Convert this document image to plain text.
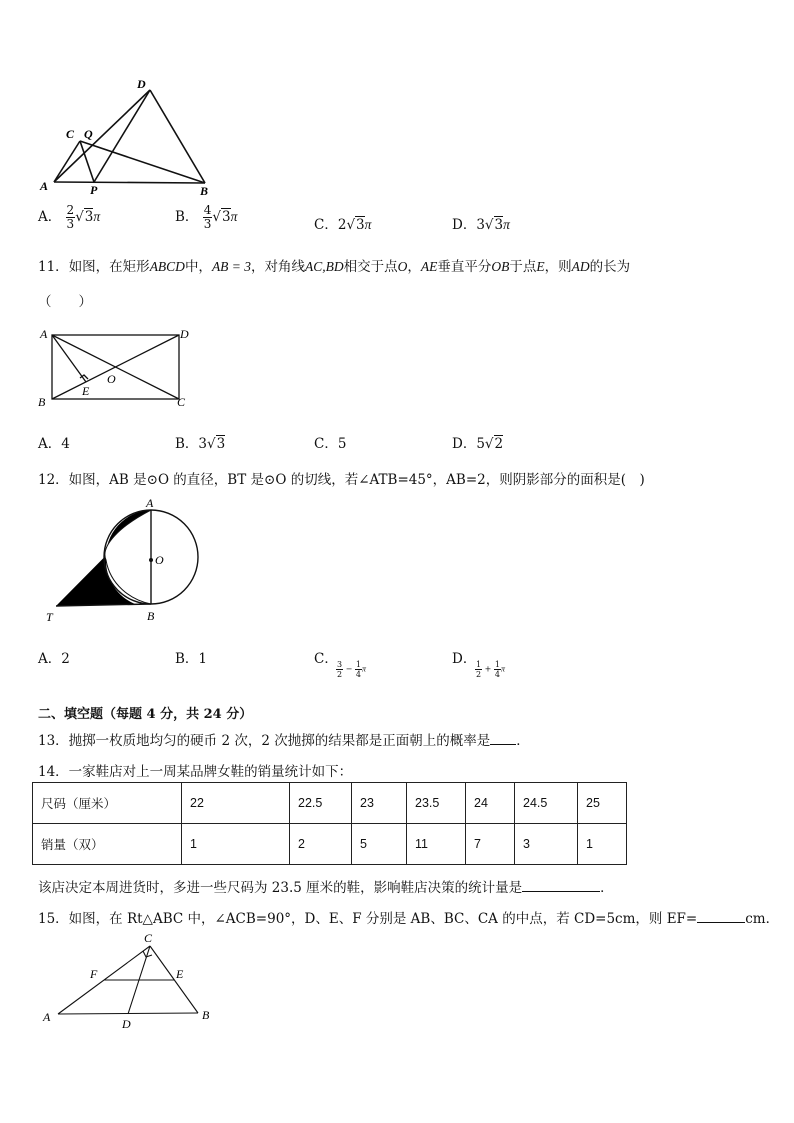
D
C Q
A	P	B
A． $\frac{2}{3} √3\pi$	B． $\frac{4}{3} √3\pi$
C．2√3π	D．3√3π
11．如图，在矩形ABCD中，AB = 3，对角线AC,BD相交于点O，AE垂直平分OB于点E，则AD的长为
（　　）
A	D
B	C
E
O
A．4	B．3√3	C．5	D．5√2
12．如图，AB 是⊙O 的直径，BT 是⊙O 的切线，若∠ATB=45°，AB=2，则阴影部分的面积是(　)
A
O
B
T
A．2	B．1	C．
$\frac{3}{2} - \frac{1}{4}$ π
D．
$\frac{1}{2} + \frac{1}{4}$ π
二、填空题（每题 4 分，共 24 分）
13．抛掷一枚质地均匀的硬币 2 次，2 次抛掷的结果都是正面朝上的概率是 ．
14．一家鞋店对上一周某品牌女鞋的销量统计如下：
尺码（厘米）	22	22.5	23	23.5	24	24.5	25
销量（双）	1	2	5	11	7	3	1
该店决定本周进货时，多进一些尺码为 23.5 厘米的鞋，影响鞋店决策的统计量是	．
15．如图，在 Rt△ABC 中，∠ACB=90°，D、E、F 分别是 AB、BC、CA 的中点，若 CD=5cm，则 EF=	cm．
C
F	E
A	D
B
